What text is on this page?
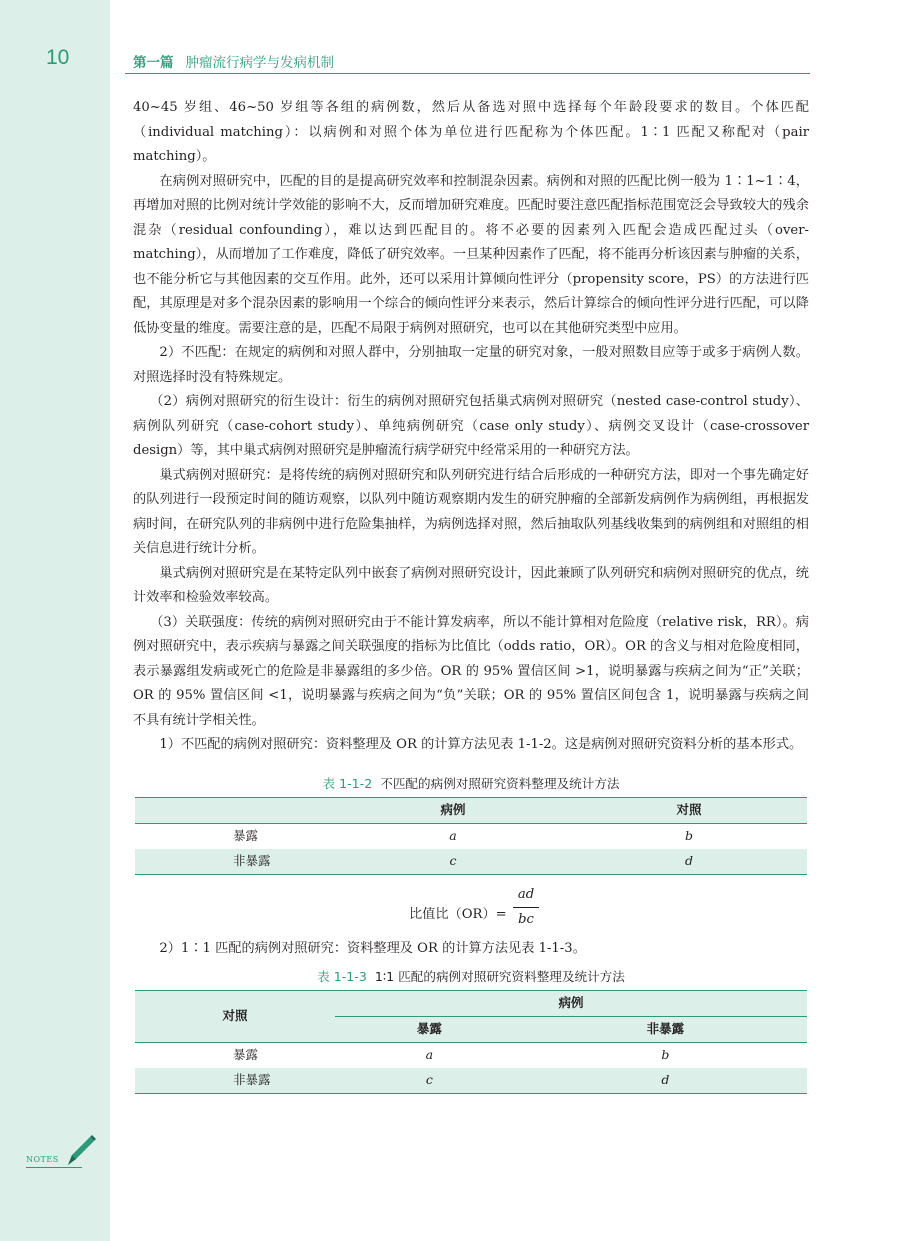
10	第一篇 肿瘤流行病学与发病机制

40~45 岁组、46~50 岁组等各组的病例数，然后从备选对照中选择每个年龄段要求的数目。个体匹配（individual matching）：以病例和对照个体为单位进行匹配称为个体匹配。1∶1 匹配又称配对（pair matching）。

在病例对照研究中，匹配的目的是提高研究效率和控制混杂因素。病例和对照的匹配比例一般为 1∶1~1∶4，再增加对照的比例对统计学效能的影响不大，反而增加研究难度。匹配时要注意匹配指标范围宽泛会导致较大的残余混杂（residual confounding），难以达到匹配目的。将不必要的因素列入匹配会造成匹配过头（over-matching），从而增加了工作难度，降低了研究效率。一旦某种因素作了匹配，将不能再分析该因素与肿瘤的关系，也不能分析它与其他因素的交互作用。此外，还可以采用计算倾向性评分（propensity score，PS）的方法进行匹配，其原理是对多个混杂因素的影响用一个综合的倾向性评分来表示，然后计算综合的倾向性评分进行匹配，可以降低协变量的维度。需要注意的是，匹配不局限于病例对照研究，也可以在其他研究类型中应用。

2）不匹配：在规定的病例和对照人群中，分别抽取一定量的研究对象，一般对照数目应等于或多于病例人数。对照选择时没有特殊规定。

（2）病例对照研究的衍生设计：衍生的病例对照研究包括巢式病例对照研究（nested case-control study）、病例队列研究（case-cohort study）、单纯病例研究（case only study）、病例交叉设计（case-crossover design）等，其中巢式病例对照研究是肿瘤流行病学研究中经常采用的一种研究方法。

巢式病例对照研究：是将传统的病例对照研究和队列研究进行结合后形成的一种研究方法，即对一个事先确定好的队列进行一段预定时间的随访观察，以队列中随访观察期内发生的研究肿瘤的全部新发病例作为病例组，再根据发病时间，在研究队列的非病例中进行危险集抽样，为病例选择对照，然后抽取队列基线收集到的病例组和对照组的相关信息进行统计分析。

巢式病例对照研究是在某特定队列中嵌套了病例对照研究设计，因此兼顾了队列研究和病例对照研究的优点，统计效率和检验效率较高。

（3）关联强度：传统的病例对照研究由于不能计算发病率，所以不能计算相对危险度（relative risk，RR）。病例对照研究中，表示疾病与暴露之间关联强度的指标为比值比（odds ratio，OR）。OR 的含义与相对危险度相同，表示暴露组发病或死亡的危险是非暴露组的多少倍。OR 的 95% 置信区间 >1，说明暴露与疾病之间为“正”关联；OR 的 95% 置信区间 <1，说明暴露与疾病之间为“负”关联；OR 的 95% 置信区间包含 1，说明暴露与疾病之间不具有统计学相关性。

1）不匹配的病例对照研究：资料整理及 OR 的计算方法见表 1-1-2。这是病例对照研究资料分析的基本形式。

表 1-1-2 不匹配的病例对照研究资料整理及统计方法
	病例	对照
暴露	a	b
非暴露	c	d
比值比（OR）=
ad
bc

2）1∶1 匹配的病例对照研究：资料整理及 OR 的计算方法见表 1-1-3。

表 1-1-3 1∶1 匹配的病例对照研究资料整理及统计方法
对照	病例	
	暴露	非暴露
暴露	a	b
非暴露	c	d
NOTES
